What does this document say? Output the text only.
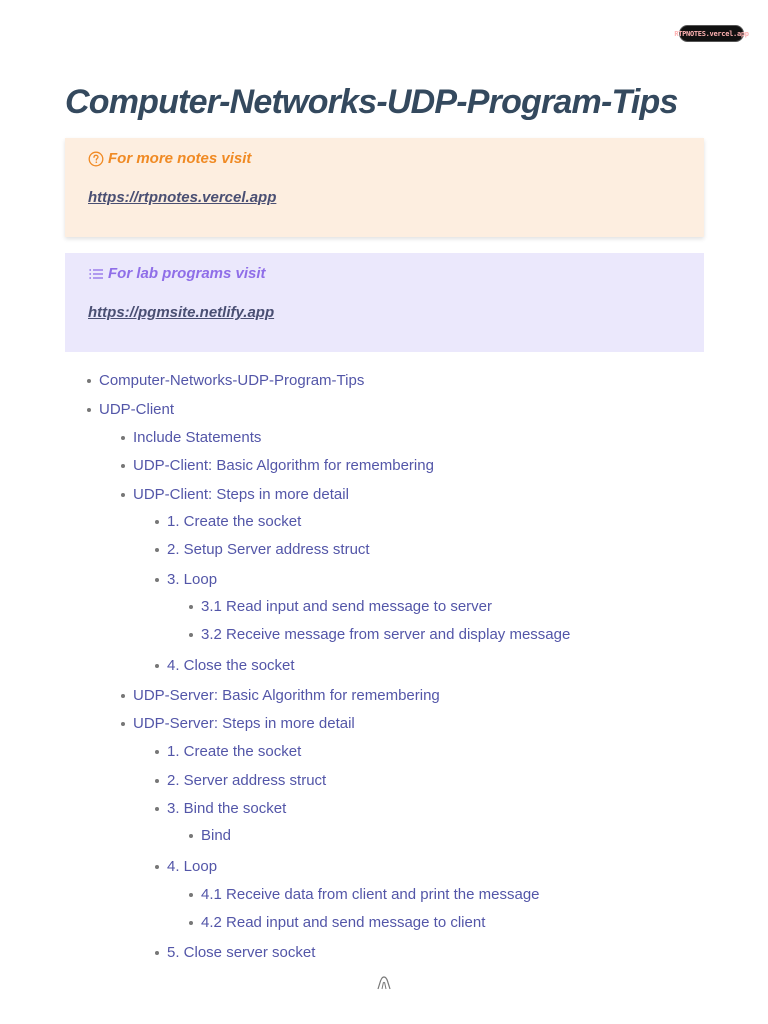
RTPNOTES.vercel.app
Computer-Networks-UDP-Program-Tips
For more notes visit
https://rtpnotes.vercel.app
For lab programs visit
https://pgmsite.netlify.app
Computer-Networks-UDP-Program-Tips
UDP-Client
Include Statements
UDP-Client: Basic Algorithm for remembering
UDP-Client: Steps in more detail
1. Create the socket
2. Setup Server address struct
3. Loop
3.1 Read input and send message to server
3.2 Receive message from server and display message
4. Close the socket
UDP-Server: Basic Algorithm for remembering
UDP-Server: Steps in more detail
1. Create the socket
2. Server address struct
3. Bind the socket
Bind
4. Loop
4.1 Receive data from client and print the message
4.2 Read input and send message to client
5. Close server socket
